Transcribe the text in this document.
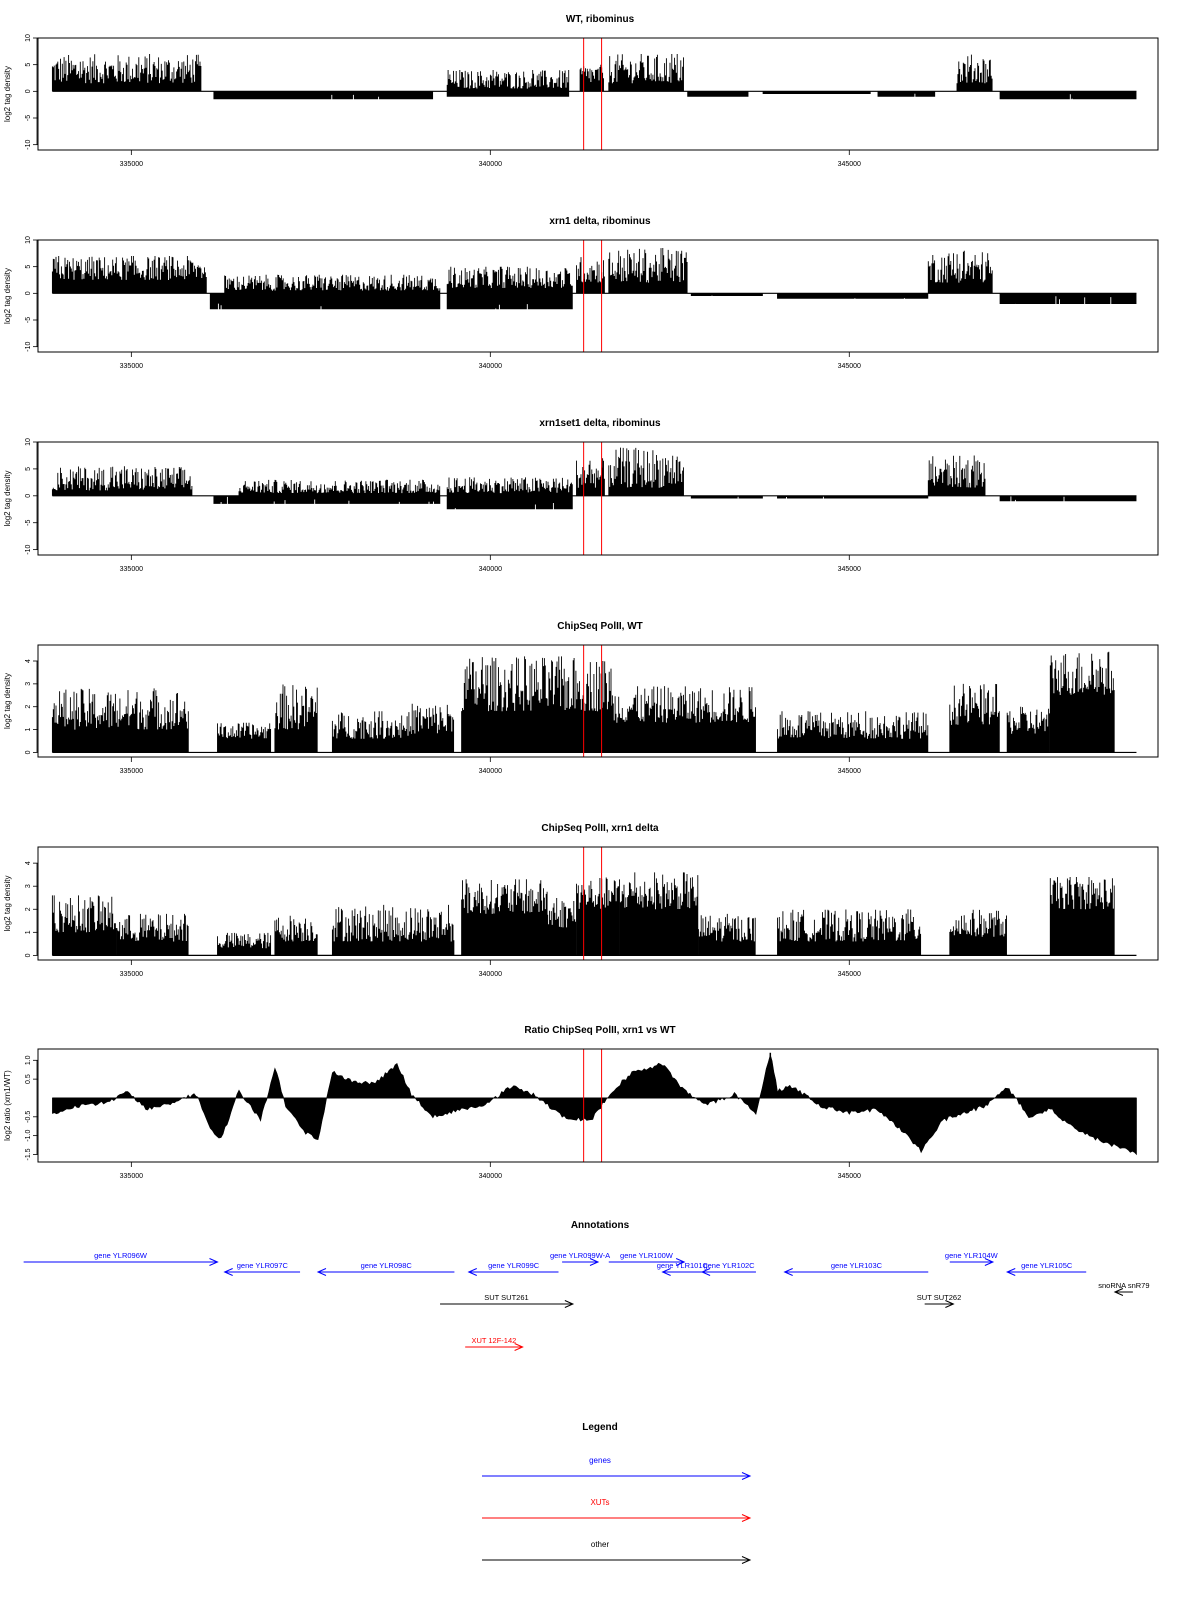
WT, ribominus
log2 tag density
10
5
0
-5
-10
335000	340000	345000
xrn1 delta, ribominus
log2 tag density
10
5
0
-5
-10
335000	340000	345000
xrn1set1 delta, ribominus
log2 tag density
10
5
0
-5
-10
335000	340000	345000
ChipSeq PolII, WT
log2 tag density
4
3
2
1
0
335000	340000	345000
ChipSeq PolII, xrn1 delta
log2 tag density
4
3
2
1
0
335000	340000	345000
Ratio ChipSeq PolII, xrn1 vs WT
log2 ratio (xrn1/WT)
1.0
0.5
-0.5
-1.0
-1.5
335000	340000	345000
Annotations
gene YLR096W
gene YLR097C	gene YLR098C	gene YLR099C
gene YLR099W-A gene YLR100W
gene YLR101C
gene YLR102C	gene YLR103C
gene YLR104W
gene YLR105C
snoRNA snR79
SUT SUT261	SUT SUT262
XUT 12F-142
Legend
genes
XUTs
other
